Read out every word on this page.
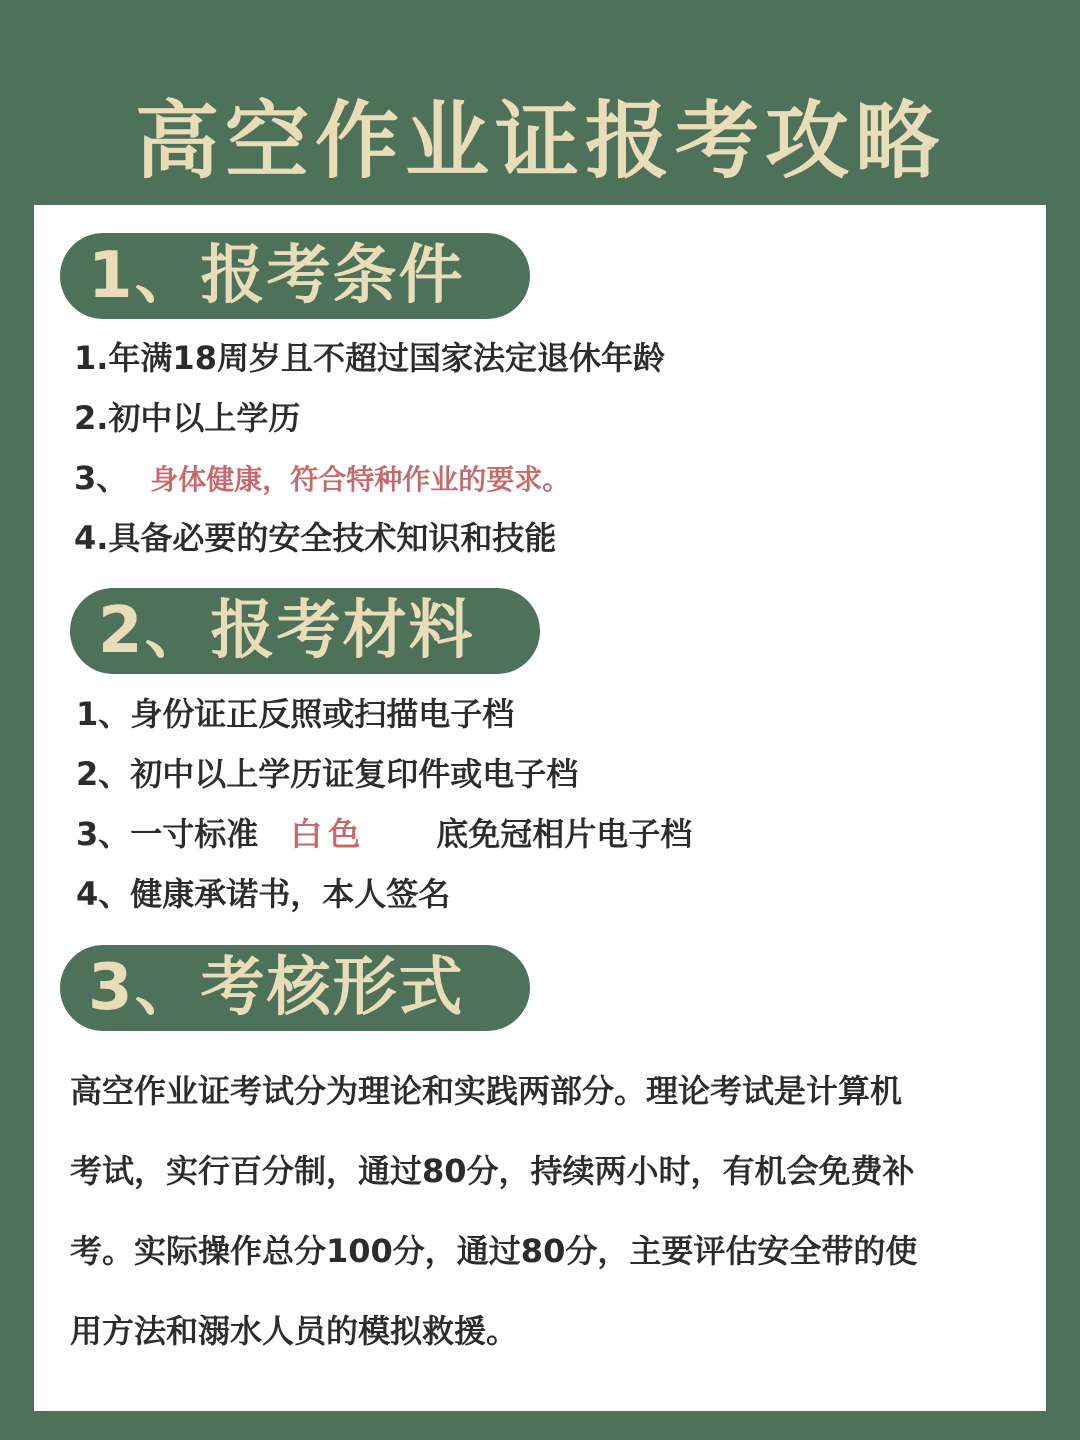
高空作业证报考攻略
1、报考条件
1.年满18周岁且不超过国家法定退休年龄
2.初中以上学历
3、 身体健康，符合特种作业的要求。
4.具备必要的安全技术知识和技能
2、报考材料
1、身份证正反照或扫描电子档
2、初中以上学历证复印件或电子档
3、一寸标准 白色 底免冠相片电子档
4、健康承诺书，本人签名
3、考核形式
高空作业证考试分为理论和实践两部分。理论考试是计算机
考试，实行百分制，通过80分，持续两小时，有机会免费补
考。实际操作总分100分，通过80分，主要评估安全带的使
用方法和溺水人员的模拟救援。
